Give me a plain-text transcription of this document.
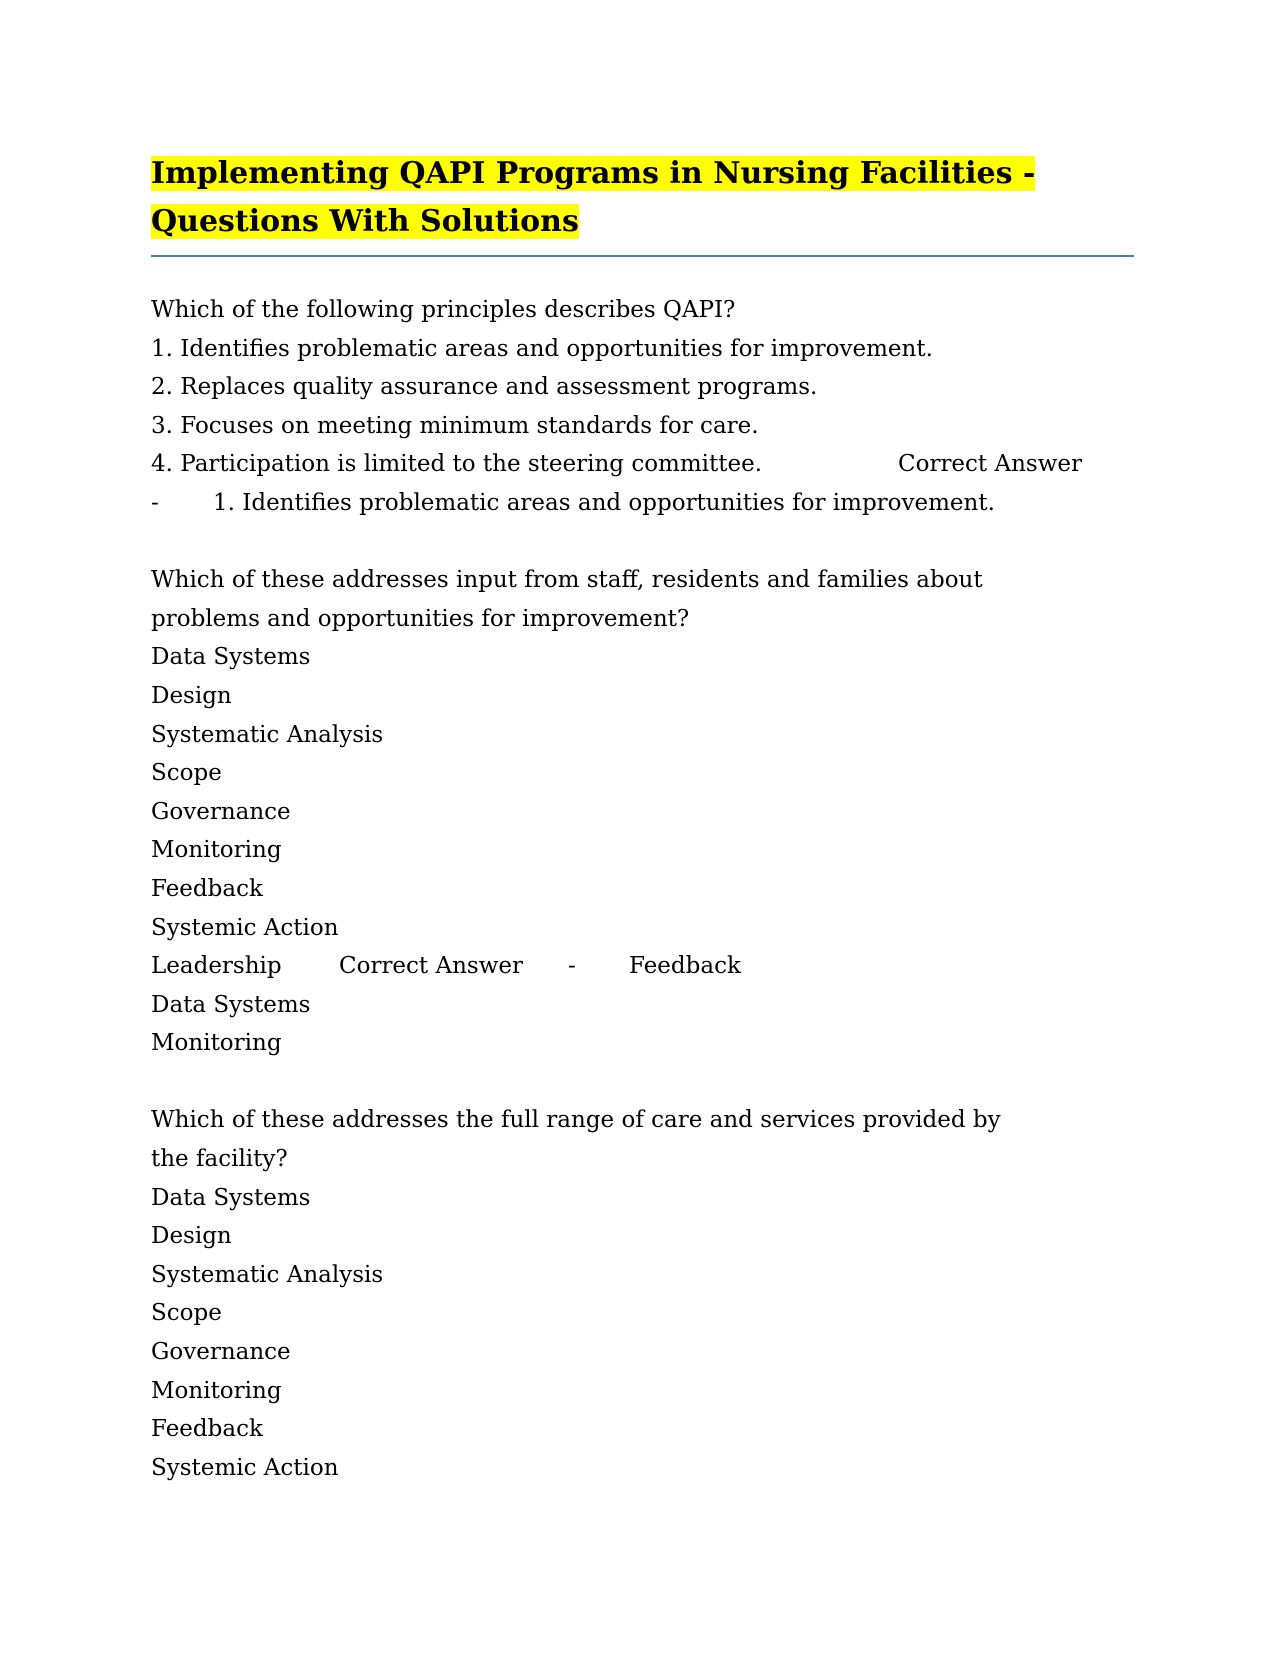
Implementing QAPI Programs in Nursing Facilities - Questions With Solutions
Which of the following principles describes QAPI?
1. Identifies problematic areas and opportunities for improvement.
2. Replaces quality assurance and assessment programs.
3. Focuses on meeting minimum standards for care.
4. Participation is limited to the steering committee.	Correct Answer
- 1. Identifies problematic areas and opportunities for improvement.
Which of these addresses input from staff, residents and families about
problems and opportunities for improvement?
Data Systems
Design
Systematic Analysis
Scope
Governance
Monitoring
Feedback
Systemic Action
Leadership Correct Answer - Feedback
Data Systems
Monitoring
Which of these addresses the full range of care and services provided by
the facility?
Data Systems
Design
Systematic Analysis
Scope
Governance
Monitoring
Feedback
Systemic Action
